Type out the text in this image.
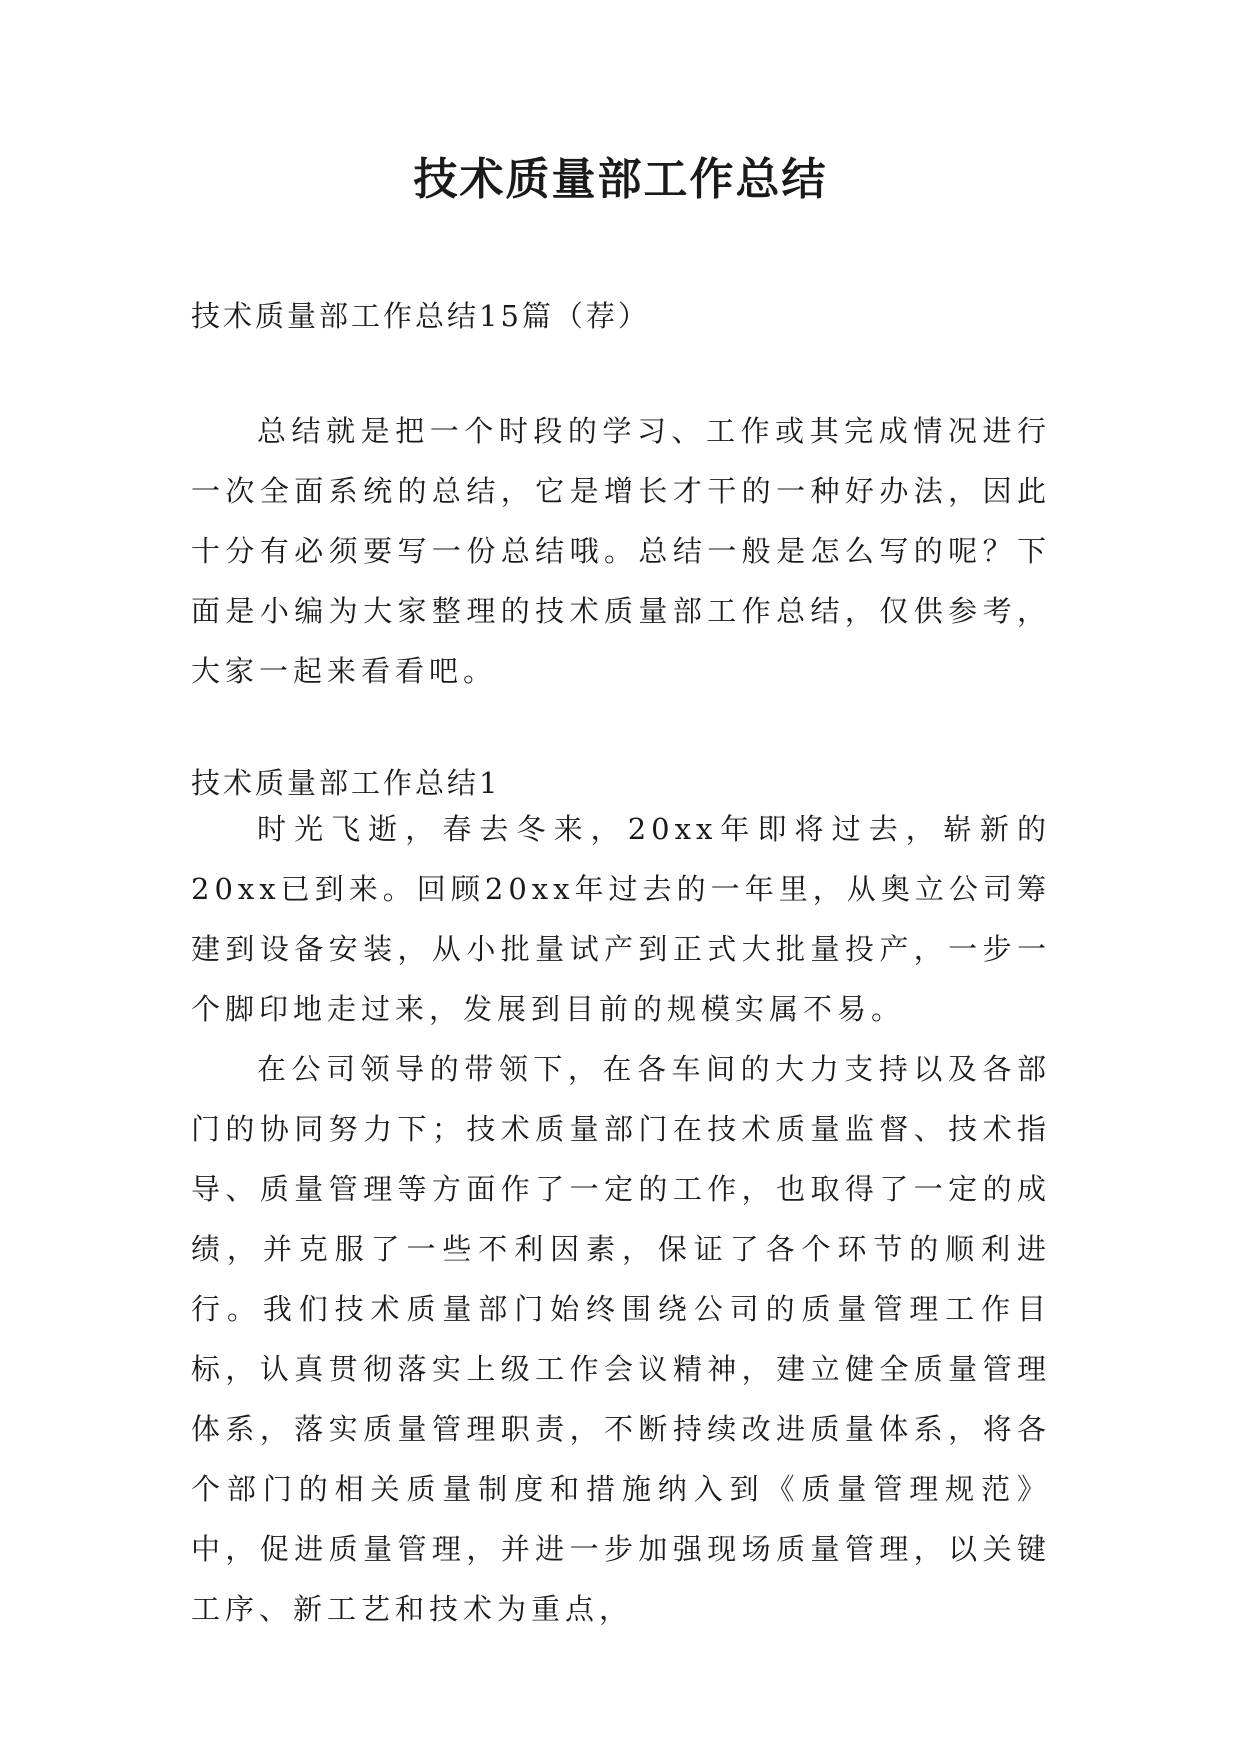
技术质量部工作总结

技术质量部工作总结15篇（荐）

总结就是把一个时段的学习、工作或其完成情况进行一次全面系统的总结，它是增长才干的一种好办法，因此十分有必须要写一份总结哦。总结一般是怎么写的呢？下面是小编为大家整理的技术质量部工作总结，仅供参考，大家一起来看看吧。

技术质量部工作总结1

时光飞逝，春去冬来，20xx年即将过去，崭新的20xx已到来。回顾20xx年过去的一年里，从奥立公司筹建到设备安装，从小批量试产到正式大批量投产，一步一个脚印地走过来，发展到目前的规模实属不易。

在公司领导的带领下，在各车间的大力支持以及各部门的协同努力下；技术质量部门在技术质量监督、技术指导、质量管理等方面作了一定的工作，也取得了一定的成绩，并克服了一些不利因素，保证了各个环节的顺利进行。我们技术质量部门始终围绕公司的质量管理工作目标，认真贯彻落实上级工作会议精神，建立健全质量管理体系，落实质量管理职责，不断持续改进质量体系，将各个部门的相关质量制度和措施纳入到《质量管理规范》中，促进质量管理，并进一步加强现场质量管理，以关键工序、新工艺和技术为重点，
